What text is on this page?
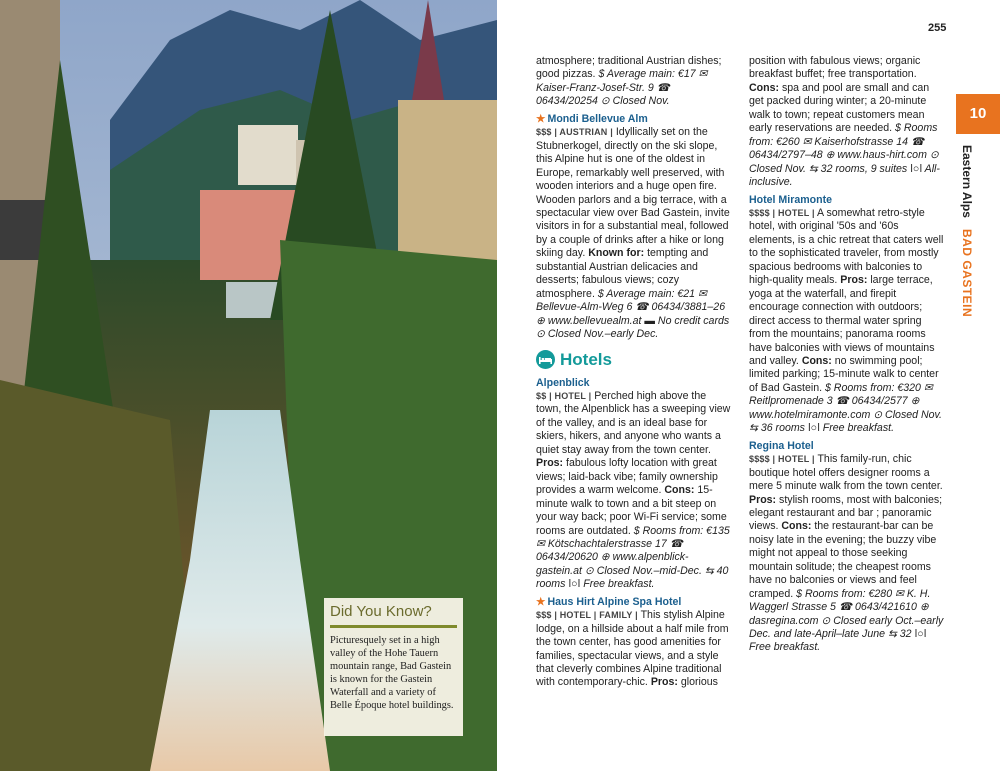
Did You Know?
Picturesquely set in a high valley of the Hohe Tauern mountain range, Bad Gastein is known for the Gastein Waterfall and a variety of Belle Époque hotel buildings.
255
10
Eastern Alps BAD GASTEIN

atmosphere; traditional Austrian dishes; good pizzas. $ Average main: €17 ✉ Kaiser-Franz-Josef-Str. 9 ☎ 06434/20254 ⊙ Closed Nov.

★ Mondi Bellevue Alm

$$$ | AUSTRIAN | Idyllically set on the Stubnerkogel, directly on the ski slope, this Alpine hut is one of the oldest in Europe, remarkably well preserved, with wooden interiors and a huge open fire. Wooden parlors and a big terrace, with a spectacular view over Bad Gastein, invite visitors in for a substantial meal, followed by a couple of drinks after a hike or long skiing day. Known for: tempting and substantial Austrian delicacies and desserts; fabulous views; cozy atmosphere. $ Average main: €21 ✉ Bellevue-Alm-Weg 6 ☎ 06434/3881–26 ⊕ www.bellevuealm.at ▬ No credit cards ⊙ Closed Nov.–early Dec.

Hotels
Alpenblick

$$ | HOTEL | Perched high above the town, the Alpenblick has a sweeping view of the valley, and is an ideal base for skiers, hikers, and anyone who wants a quiet stay away from the town center. Pros: fabulous lofty location with great views; laid-back vibe; family ownership provides a warm welcome. Cons: 15-minute walk to town and a bit steep on your way back; poor Wi-Fi service; some rooms are outdated. $ Rooms from: €135 ✉ Kötschachtalerstrasse 17 ☎ 06434/20620 ⊕ www.alpenblick-gastein.at ⊙ Closed Nov.–mid-Dec. ⇆ 40 rooms ǀ○ǀ Free breakfast.

★ Haus Hirt Alpine Spa Hotel

$$$ | HOTEL | FAMILY | This stylish Alpine lodge, on a hillside about a half mile from the town center, has good amenities for families, spectacular views, and a style that cleverly combines Alpine traditional with contemporary-chic. Pros: glorious

position with fabulous views; organic breakfast buffet; free transportation. Cons: spa and pool are small and can get packed during winter; a 20-minute walk to town; repeat customers mean early reservations are needed. $ Rooms from: €260 ✉ Kaiserhofstrasse 14 ☎ 06434/2797–48 ⊕ www.haus-hirt.com ⊙ Closed Nov. ⇆ 32 rooms, 9 suites ǀ○ǀ All-inclusive.

Hotel Miramonte

$$$$ | HOTEL | A somewhat retro-style hotel, with original '50s and '60s elements, is a chic retreat that caters well to the sophisticated traveler, from mostly spacious bedrooms with balconies to high-quality meals. Pros: large terrace, yoga at the waterfall, and firepit encourage connection with outdoors; direct access to thermal water spring from the mountains; panorama rooms have balconies with views of mountains and valley. Cons: no swimming pool; limited parking; 15-minute walk to center of Bad Gastein. $ Rooms from: €320 ✉ Reitlpromenade 3 ☎ 06434/2577 ⊕ www.hotelmiramonte.com ⊙ Closed Nov. ⇆ 36 rooms ǀ○ǀ Free breakfast.

Regina Hotel

$$$$ | HOTEL | This family-run, chic boutique hotel offers designer rooms a mere 5 minute walk from the town center. Pros: stylish rooms, most with balconies; elegant restaurant and bar ; panoramic views. Cons: the restaurant-bar can be noisy late in the evening; the buzzy vibe might not appeal to those seeking mountain solitude; the cheapest rooms have no balconies or views and feel cramped. $ Rooms from: €280 ✉ K. H. Waggerl Strasse 5 ☎ 0643/421610 ⊕ dasregina.com ⊙ Closed early Oct.–early Dec. and late-April–late June ⇆ 32 ǀ○ǀ Free breakfast.
